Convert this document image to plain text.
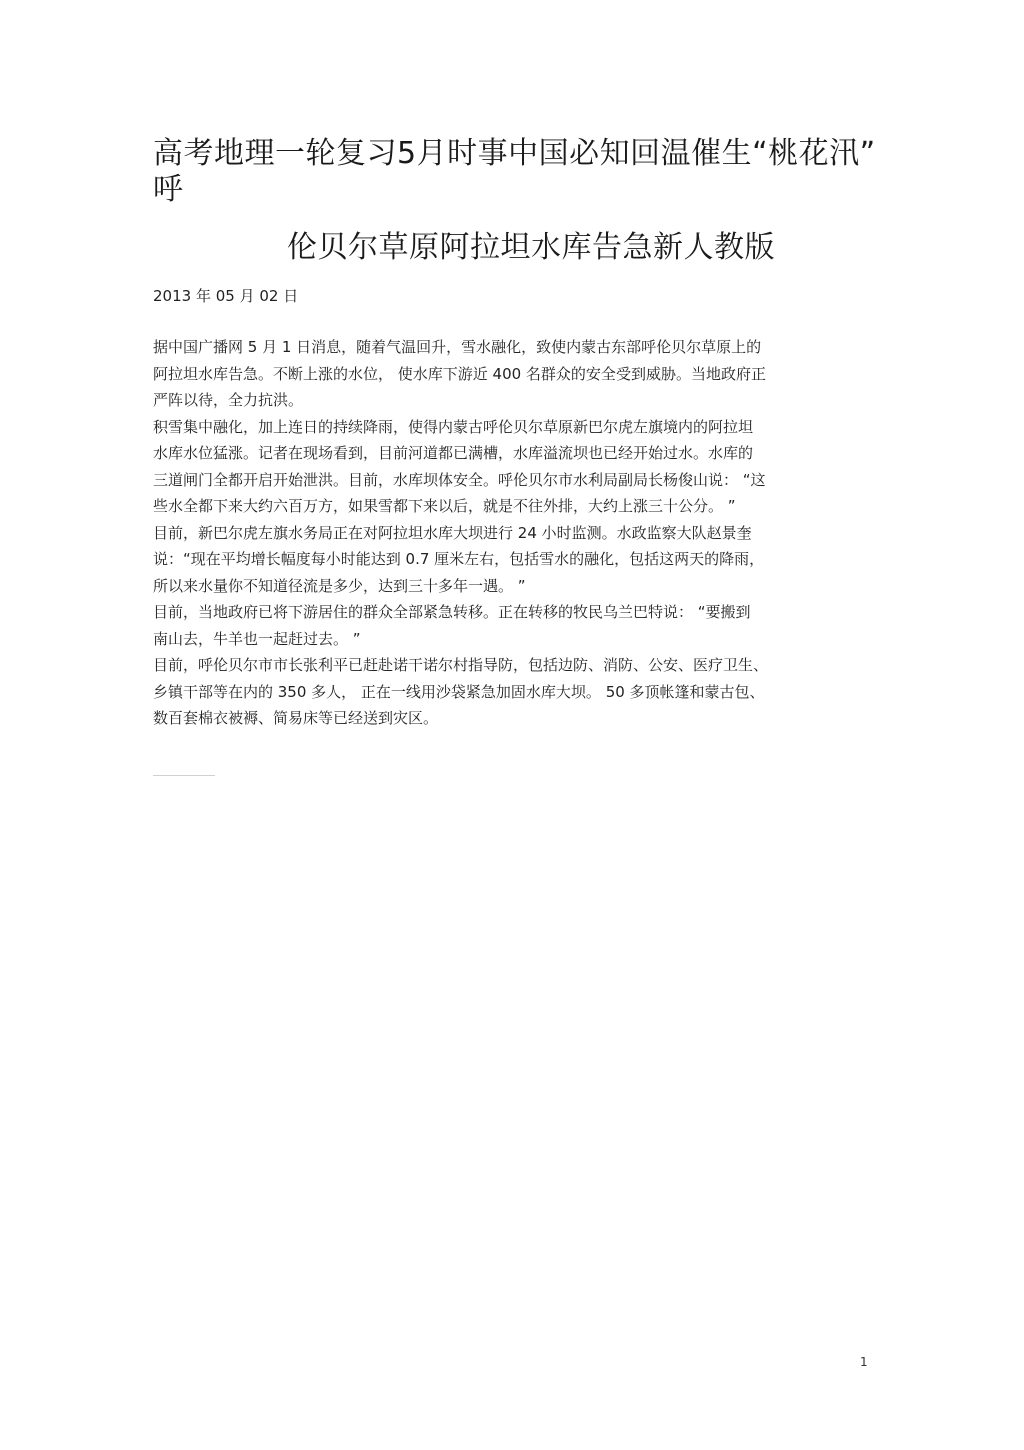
高考地理一轮复习5月时事中国必知回温催生“桃花汛”
呼
伦贝尔草原阿拉坦水库告急新人教版
2013 年 05 月 02 日
据中国广播网 5 月 1 日消息，随着气温回升，雪水融化，致使内蒙古东部呼伦贝尔草原上的
阿拉坦水库告急。不断上涨的水位， 使水库下游近 400 名群众的安全受到威胁。当地政府正
严阵以待，全力抗洪。
积雪集中融化，加上连日的持续降雨，使得内蒙古呼伦贝尔草原新巴尔虎左旗境内的阿拉坦
水库水位猛涨。记者在现场看到，目前河道都已满槽，水库溢流坝也已经开始过水。水库的
三道闸门全都开启开始泄洪。目前，水库坝体安全。呼伦贝尔市水利局副局长杨俊山说： “这
些水全都下来大约六百万方，如果雪都下来以后，就是不往外排，大约上涨三十公分。 ”
目前，新巴尔虎左旗水务局正在对阿拉坦水库大坝进行 24 小时监测。水政监察大队赵景奎
说：“现在平均增长幅度每小时能达到 0.7 厘米左右，包括雪水的融化，包括这两天的降雨，
所以来水量你不知道径流是多少，达到三十多年一遇。 ”
目前，当地政府已将下游居住的群众全部紧急转移。正在转移的牧民乌兰巴特说： “要搬到
南山去，牛羊也一起赶过去。 ”
目前，呼伦贝尔市市长张利平已赶赴诺干诺尔村指导防，包括边防、消防、公安、医疗卫生、
乡镇干部等在内的 350 多人， 正在一线用沙袋紧急加固水库大坝。 50 多顶帐篷和蒙古包、
数百套棉衣被褥、简易床等已经送到灾区。
1
